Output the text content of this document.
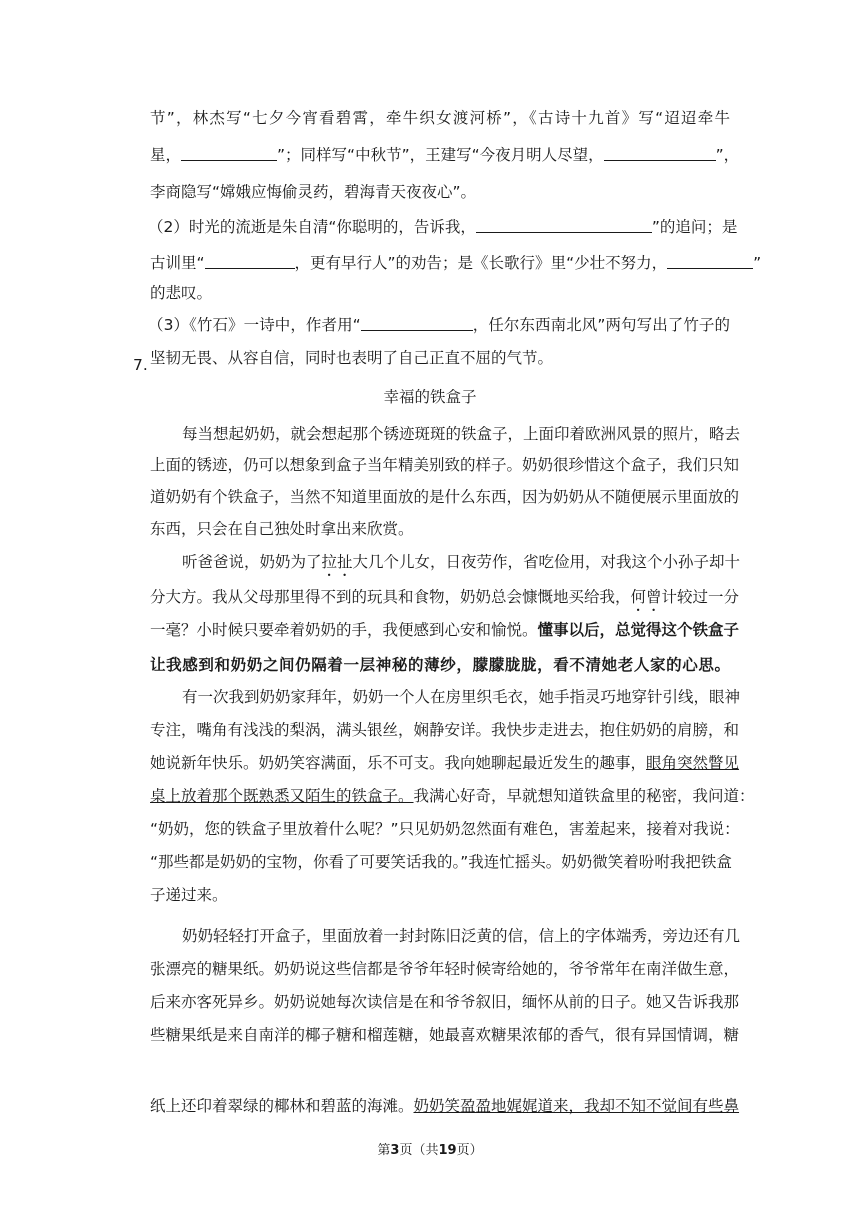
节”，林杰写“七夕今宵看碧霄，牵牛织女渡河桥”，《古诗十九首》写“迢迢牵牛
星，	”；同样写“中秋节”，王建写“今夜月明人尽望，	”，
李商隐写“嫦娥应悔偷灵药，碧海青天夜夜心”。
（2）时光的流逝是朱自清“你聪明的，告诉我，	”的追问；是
古训里“	，更有早行人”的劝告；是《长歌行》里“少壮不努力，	”
的悲叹。
（3）《竹石》一诗中，作者用“	，任尔东西南北风”两句写出了竹子的
坚韧无畏、从容自信，同时也表明了自己正直不屈的气节。
7.
幸福的铁盒子
每当想起奶奶，就会想起那个锈迹斑斑的铁盒子，上面印着欧洲风景的照片，略去
上面的锈迹，仍可以想象到盒子当年精美别致的样子。奶奶很珍惜这个盒子，我们只知
道奶奶有个铁盒子，当然不知道里面放的是什么东西，因为奶奶从不随便展示里面放的
东西，只会在自己独处时拿出来欣赏。
听爸爸说，奶奶为了拉扯大几个儿女，日夜劳作，省吃俭用，对我这个小孙子却十
分大方。我从父母那里得不到的玩具和食物，奶奶总会慷慨地买给我，何曾计较过一分
一毫？小时候只要牵着奶奶的手，我便感到心安和愉悦。懂事以后，总觉得这个铁盒子
让我感到和奶奶之间仍隔着一层神秘的薄纱，朦朦胧胧，看不清她老人家的心思。
有一次我到奶奶家拜年，奶奶一个人在房里织毛衣，她手指灵巧地穿针引线，眼神
专注，嘴角有浅浅的梨涡，满头银丝，娴静安详。我快步走进去，抱住奶奶的肩膀，和
她说新年快乐。奶奶笑容满面，乐不可支。我向她聊起最近发生的趣事，眼角突然瞥见
桌上放着那个既熟悉又陌生的铁盒子。我满心好奇，早就想知道铁盒里的秘密，我问道：
“奶奶，您的铁盒子里放着什么呢？”只见奶奶忽然面有难色，害羞起来，接着对我说：
“那些都是奶奶的宝物，你看了可要笑话我的。”我连忙摇头。奶奶微笑着吩咐我把铁盒
子递过来。
奶奶轻轻打开盒子，里面放着一封封陈旧泛黄的信，信上的字体端秀，旁边还有几
张漂亮的糖果纸。奶奶说这些信都是爷爷年轻时候寄给她的，爷爷常年在南洋做生意，
后来亦客死异乡。奶奶说她每次读信是在和爷爷叙旧，缅怀从前的日子。她又告诉我那
些糖果纸是来自南洋的椰子糖和榴莲糖，她最喜欢糖果浓郁的香气，很有异国情调，糖
纸上还印着翠绿的椰林和碧蓝的海滩。奶奶笑盈盈地娓娓道来，我却不知不觉间有些鼻
第3页（共19页）
